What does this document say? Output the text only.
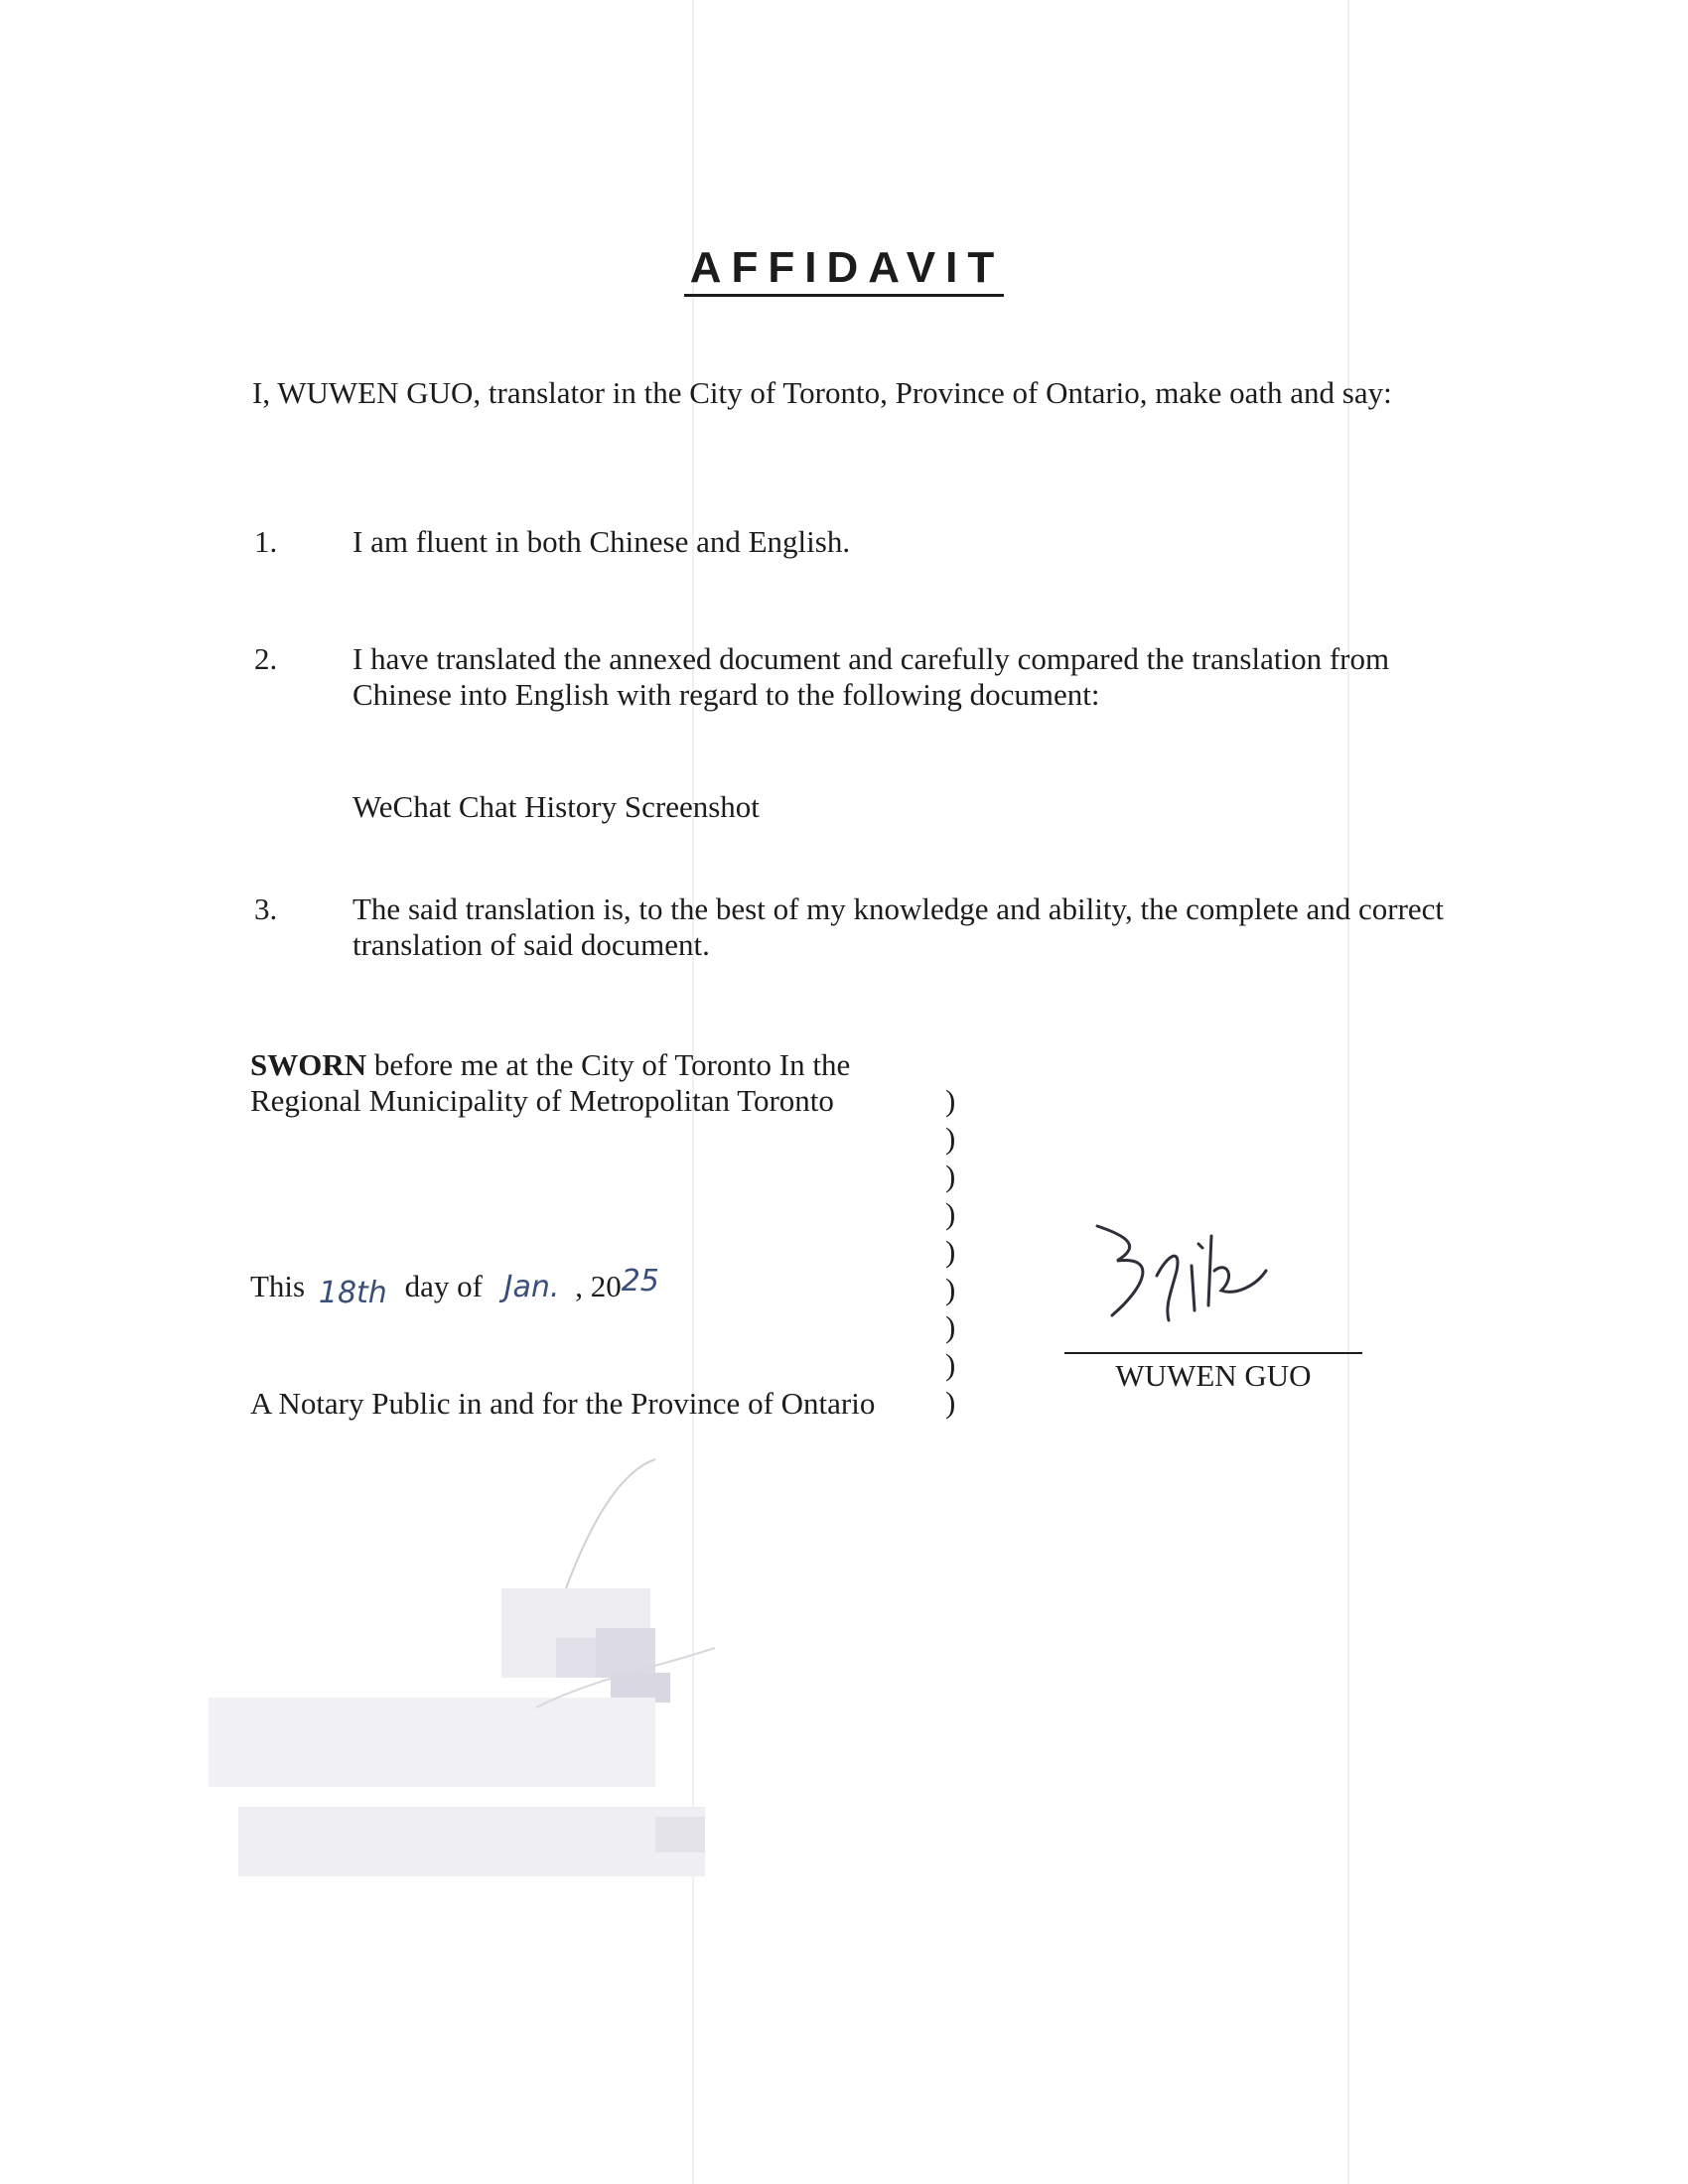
AFFIDAVIT
I, WUWEN GUO, translator in the City of Toronto, Province of Ontario, make oath and say:
1. I am fluent in both Chinese and English.
2. I have translated the annexed document and carefully compared the translation from Chinese into English with regard to the following document:
WeChat Chat History Screenshot
3. The said translation is, to the best of my knowledge and ability, the complete and correct translation of said document.
SWORN before me at the City of Toronto In the Regional Municipality of Metropolitan Toronto
This 18th day of Jan. , 2025
A Notary Public in and for the Province of Ontario
)
)
)
)
)
)
)
)
)
WUWEN GUO
